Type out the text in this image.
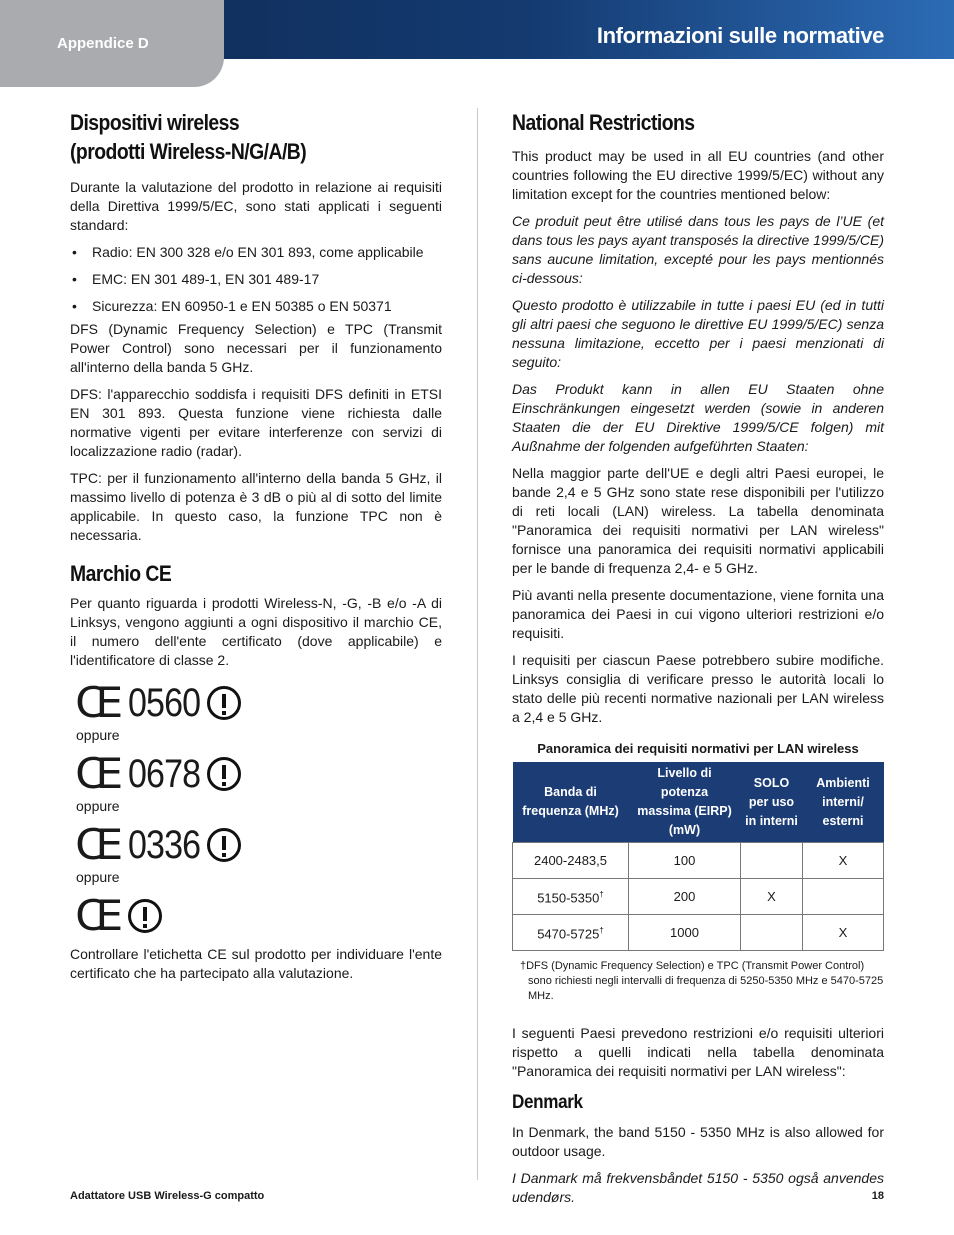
Appendice D	Informazioni sulle normative
Dispositivi wireless
(prodotti Wireless-N/G/A/B)

Durante la valutazione del prodotto in relazione ai requisiti della Direttiva 1999/5/EC, sono stati applicati i seguenti standard:

• Radio: EN 300 328 e/o EN 301 893, come applicabile
• EMC: EN 301 489-1, EN 301 489-17
• Sicurezza: EN 60950-1 e EN 50385 o EN 50371

DFS (Dynamic Frequency Selection) e TPC (Transmit Power Control) sono necessari per il funzionamento all'interno della banda 5 GHz.

DFS: l'apparecchio soddisfa i requisiti DFS definiti in ETSI EN 301 893. Questa funzione viene richiesta dalle normative vigenti per evitare interferenze con servizi di localizzazione radio (radar).

TPC: per il funzionamento all'interno della banda 5 GHz, il massimo livello di potenza è 3 dB o più al di sotto del limite applicabile. In questo caso, la funzione TPC non è necessaria.

Marchio CE

Per quanto riguarda i prodotti Wireless-N, -G, -B e/o -A di Linksys, vengono aggiunti a ogni dispositivo il marchio CE, il numero dell'ente certificato (dove applicabile) e l'identificatore di classe 2.

CE 0560
oppure
CE 0678
oppure
CE 0336
oppure
CE

Controllare l'etichetta CE sul prodotto per individuare l'ente certificato che ha partecipato alla valutazione.

National Restrictions

This product may be used in all EU countries (and other countries following the EU directive 1999/5/EC) without any limitation except for the countries mentioned below:

Ce produit peut être utilisé dans tous les pays de l’UE (et dans tous les pays ayant transposés la directive 1999/5/CE) sans aucune limitation, excepté pour les pays mentionnés ci-dessous:

Questo prodotto è utilizzabile in tutte i paesi EU (ed in tutti gli altri paesi che seguono le direttive EU 1999/5/EC) senza nessuna limitazione, eccetto per i paesi menzionati di seguito:

Das Produkt kann in allen EU Staaten ohne Einschränkungen eingesetzt werden (sowie in anderen Staaten die der EU Direktive 1999/5/CE folgen) mit Außnahme der folgenden aufgeführten Staaten:

Nella maggior parte dell'UE e degli altri Paesi europei, le bande 2,4 e 5 GHz sono state rese disponibili per l'utilizzo di reti locali (LAN) wireless. La tabella denominata "Panoramica dei requisiti normativi per LAN wireless" fornisce una panoramica dei requisiti normativi applicabili per le bande di frequenza 2,4- e 5 GHz.

Più avanti nella presente documentazione, viene fornita una panoramica dei Paesi in cui vigono ulteriori restrizioni e/o requisiti.

I requisiti per ciascun Paese potrebbero subire modifiche. Linksys consiglia di verificare presso le autorità locali lo stato delle più recenti normative nazionali per LAN wireless a 2,4 e 5 GHz.

Panoramica dei requisiti normativi per LAN wireless
Banda di frequenza (MHz)	Livello di potenza massima (EIRP) (mW)	SOLO per uso in interni	Ambienti interni/ esterni
2400-2483,5	100		X
5150-5350†	200	X	
5470-5725†	1000		X
†DFS (Dynamic Frequency Selection) e TPC (Transmit Power Control) sono richiesti negli intervalli di frequenza di 5250-5350 MHz e 5470-5725 MHz.

I seguenti Paesi prevedono restrizioni e/o requisiti ulteriori rispetto a quelli indicati nella tabella denominata "Panoramica dei requisiti normativi per LAN wireless":

Denmark

In Denmark, the band 5150 - 5350 MHz is also allowed for outdoor usage.

I Danmark må frekvensbåndet 5150 - 5350 også anvendes udendørs.

Adattatore USB Wireless-G compatto	18
